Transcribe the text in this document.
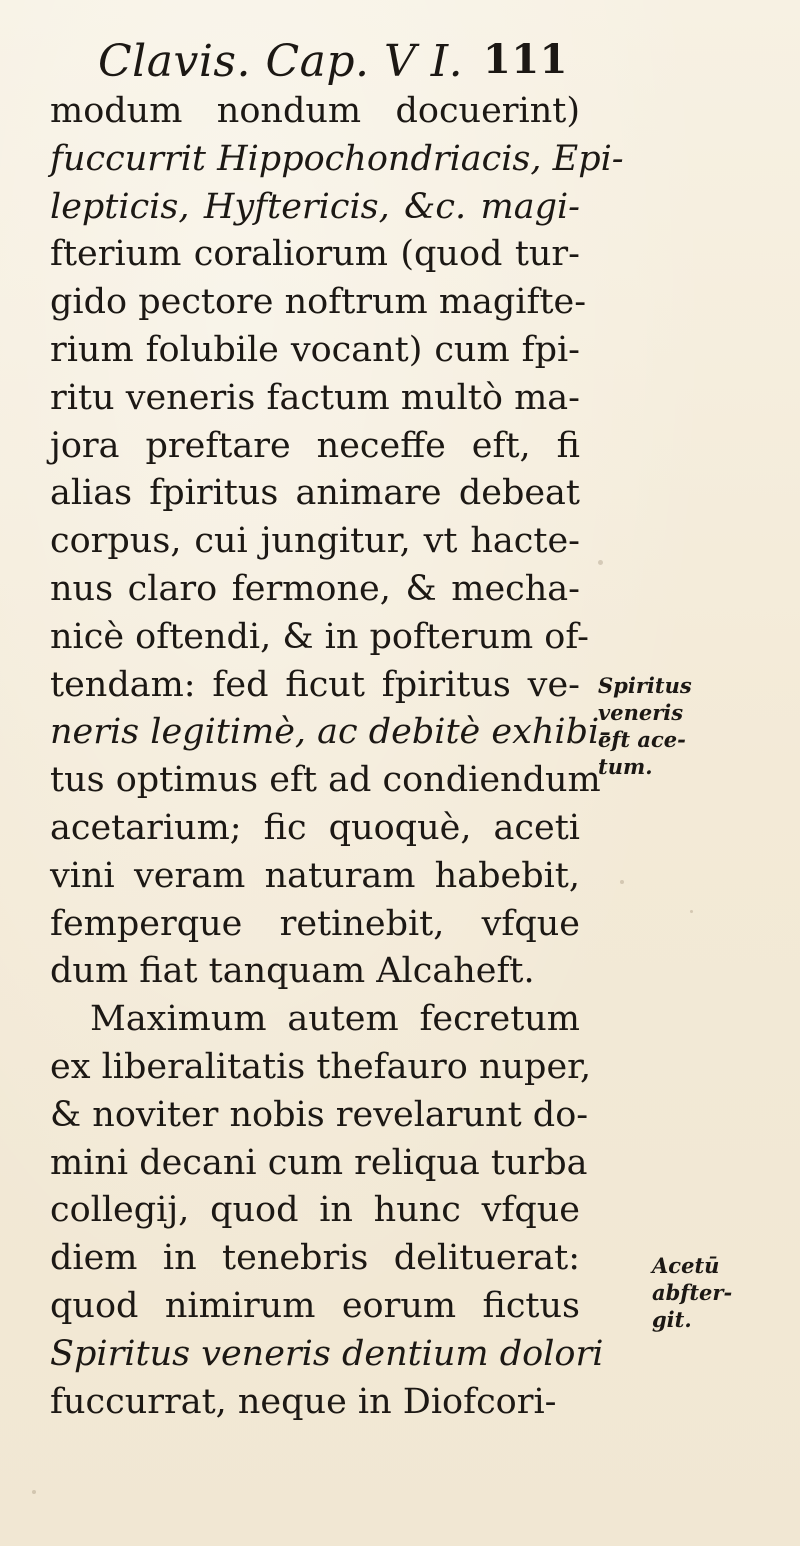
Clavis. Cap. V I. 111
modum nondum docuerint)
fuccurrit Hippochondriacis, Epi-
lepticis, Hyftericis, &c. magi-
fterium coraliorum (quod tur-
gido pectore noftrum magifte-
rium folubile vocant) cum fpi-
ritu veneris factum multò ma-
jora preftare neceffe eft, fi
alias fpiritus animare debeat
corpus, cui jungitur, vt hacte-
nus claro fermone, & mecha-
nicè oftendi, & in pofterum of-
tendam: fed ficut fpiritus ve-
neris legitimè, ac debitè exhibi-
tus optimus eft ad condiendum
acetarium; fic quoquè, aceti
vini veram naturam habebit,
femperque retinebit, vfque
dum fiat tanquam Alcaheft.
Maximum autem fecretum
ex liberalitatis thefauro nuper,
& noviter nobis revelarunt do-
mini decani cum reliqua turba
collegij, quod in hunc vfque
diem in tenebris delituerat:
quod nimirum eorum fictus
Spiritus veneris dentium dolori
fuccurrat, neque in Diofcori-
Spiritus
veneris
eft ace-
tum.
Acetū
abfter-
git.
